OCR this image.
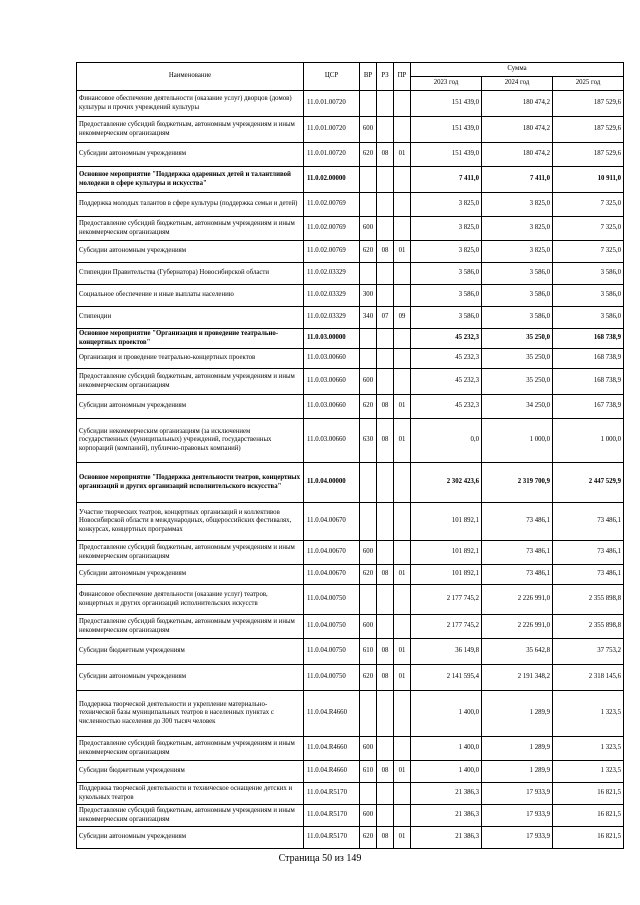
Наименование	ЦСР	ВР	РЗ	ПР	Сумма		
					2023 год	2024 год	2025 год
Финансовое обеспечение деятельности (оказание услуг) дворцов (домов) культуры и прочих учреждений культуры	11.0.01.00720				151 439,0	180 474,2	187 529,6
Предоставление субсидий бюджетным, автономным учреждениям и иным некоммерческим организациям	11.0.01.00720	600			151 439,0	180 474,2	187 529,6
Субсидии автономным учреждениям	11.0.01.00720	620	08	01	151 439,0	180 474,2	187 529,6
Основное мероприятие "Поддержка одаренных детей и талантливой молодежи в сфере культуры и искусства"	11.0.02.00000				7 411,0	7 411,0	10 911,0
Поддержка молодых талантов в сфере культуры (поддержка семьи и детей)	11.0.02.00769				3 825,0	3 825,0	7 325,0
Предоставление субсидий бюджетным, автономным учреждениям и иным некоммерческим организациям	11.0.02.00769	600			3 825,0	3 825,0	7 325,0
Субсидии автономным учреждениям	11.0.02.00769	620	08	01	3 825,0	3 825,0	7 325,0
Стипендии Правительства (Губернатора) Новосибирской области	11.0.02.03329				3 586,0	3 586,0	3 586,0
Социальное обеспечение и иные выплаты населению	11.0.02.03329	300			3 586,0	3 586,0	3 586,0
Стипендии	11.0.02.03329	340	07	09	3 586,0	3 586,0	3 586,0
Основное мероприятие "Организация и проведение театрально-концертных проектов"	11.0.03.00000				45 232,3	35 250,0	168 738,9
Организация и проведение театрально-концертных проектов	11.0.03.00660				45 232,3	35 250,0	168 738,9
Предоставление субсидий бюджетным, автономным учреждениям и иным некоммерческим организациям	11.0.03.00660	600			45 232,3	35 250,0	168 738,9
Субсидии автономным учреждениям	11.0.03.00660	620	08	01	45 232,3	34 250,0	167 738,9
Субсидии некоммерческим организациям (за исключением государственных (муниципальных) учреждений, государственных корпораций (компаний), публично-правовых компаний)	11.0.03.00660	630	08	01	0,0	1 000,0	1 000,0
Основное мероприятие "Поддержка деятельности театров, концертных организаций и других организаций исполнительского искусства"	11.0.04.00000				2 302 423,6	2 319 700,9	2 447 529,9
Участие творческих театров, концертных организаций и коллективов Новосибирской области в международных, общероссийских фестивалях, конкурсах, концертных программах	11.0.04.00670				101 892,1	73 486,1	73 486,1
Предоставление субсидий бюджетным, автономным учреждениям и иным некоммерческим организациям	11.0.04.00670	600			101 892,1	73 486,1	73 486,1
Субсидии автономным учреждениям	11.0.04.00670	620	08	01	101 892,1	73 486,1	73 486,1
Финансовое обеспечение деятельности (оказание услуг) театров, концертных и других организаций исполнительских искусств	11.0.04.00750				2 177 745,2	2 226 991,0	2 355 898,8
Предоставление субсидий бюджетным, автономным учреждениям и иным некоммерческим организациям	11.0.04.00750	600			2 177 745,2	2 226 991,0	2 355 898,8
Субсидии бюджетным учреждениям	11.0.04.00750	610	08	01	36 149,8	35 642,8	37 753,2
Субсидии автономным учреждениям	11.0.04.00750	620	08	01	2 141 595,4	2 191 348,2	2 318 145,6
Поддержка творческой деятельности и укрепление материально-технической базы муниципальных театров в населенных пунктах с численностью населения до 300 тысяч человек	11.0.04.R4660				1 400,0	1 289,9	1 323,5
Предоставление субсидий бюджетным, автономным учреждениям и иным некоммерческим организациям	11.0.04.R4660	600			1 400,0	1 289,9	1 323,5
Субсидии бюджетным учреждениям	11.0.04.R4660	610	08	01	1 400,0	1 289,9	1 323,5
Поддержка творческой деятельности и техническое оснащение детских и кукольных театров	11.0.04.R5170				21 386,3	17 933,9	16 821,5
Предоставление субсидий бюджетным, автономным учреждениям и иным некоммерческим организациям	11.0.04.R5170	600			21 386,3	17 933,9	16 821,5
Субсидии автономным учреждениям	11.0.04.R5170	620	08	01	21 386,3	17 933,9	16 821,5
Страница 50 из 149
